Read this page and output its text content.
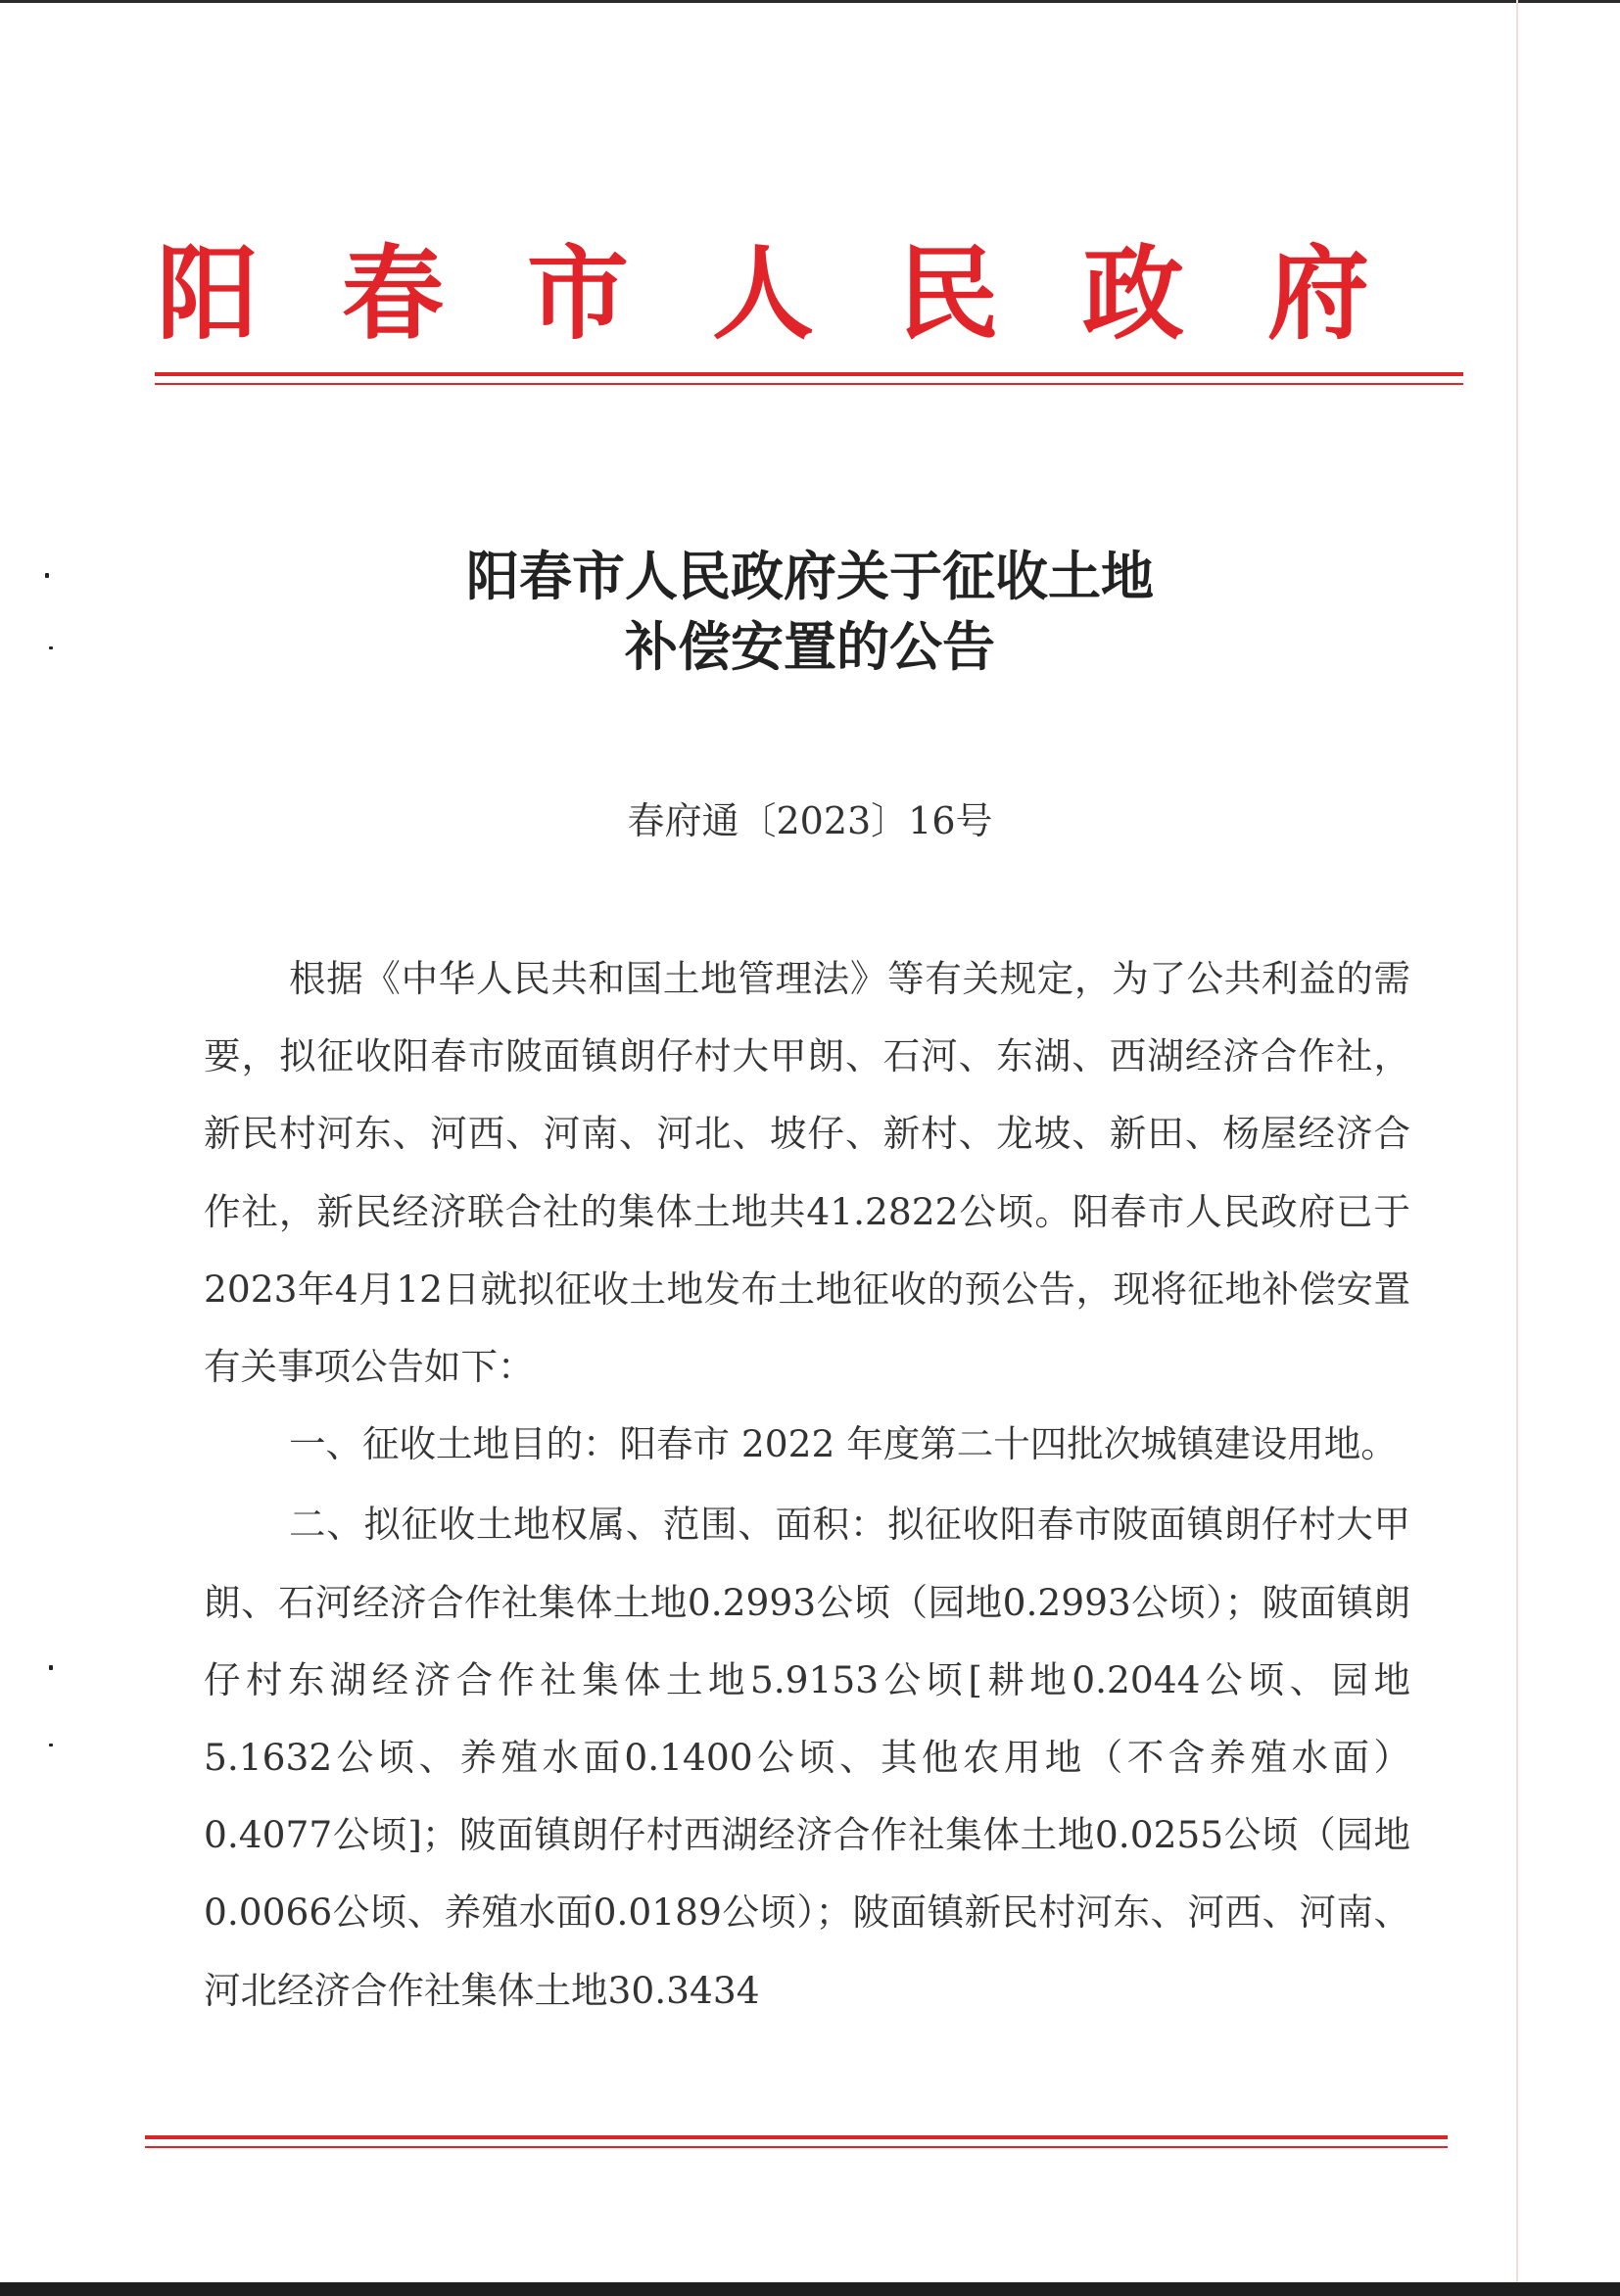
阳春市人民政府
阳春市人民政府关于征收土地
补偿安置的公告
春府通〔2023〕16号

根据《中华人民共和国土地管理法》等有关规定，为了公共利益的需要，拟征收阳春市陂面镇朗仔村大甲朗、石河、东湖、西湖经济合作社，新民村河东、河西、河南、河北、坡仔、新村、龙坡、新田、杨屋经济合作社，新民经济联合社的集体土地共41.2822公顷。阳春市人民政府已于2023年4月12日就拟征收土地发布土地征收的预公告，现将征地补偿安置有关事项公告如下：

一、征收土地目的：阳春市 2022 年度第二十四批次城镇建设用地。

二、拟征收土地权属、范围、面积：拟征收阳春市陂面镇朗仔村大甲朗、石河经济合作社集体土地0.2993公顷（园地0.2993公顷）；陂面镇朗仔村东湖经济合作社集体土地5.9153公顷[耕地0.2044公顷、园地5.1632公顷、养殖水面0.1400公顷、其他农用地（不含养殖水面）0.4077公顷]；陂面镇朗仔村西湖经济合作社集体土地0.0255公顷（园地0.0066公顷、养殖水面0.0189公顷）；陂面镇新民村河东、河西、河南、河北经济合作社集体土地30.3434
